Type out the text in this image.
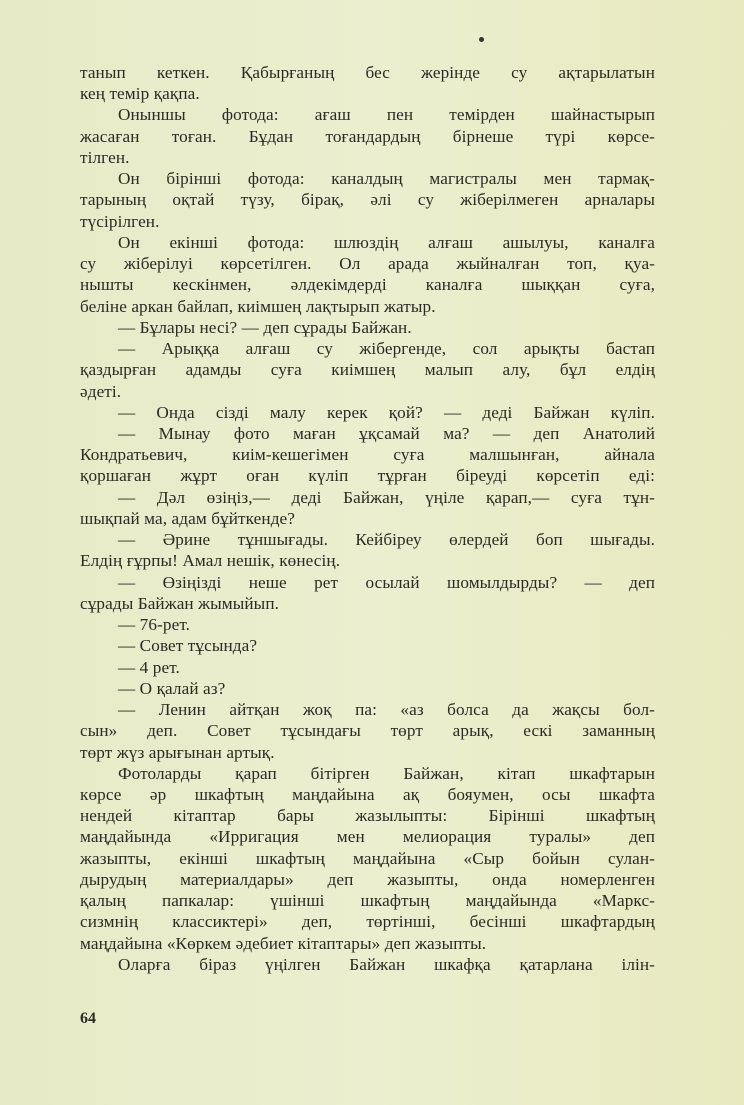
танып кеткен. Қабырғаның бес жерінде су ақтарылатын
кең темір қақпа.
Оныншы фотода: ағаш пен темірден шайнастырып
жасаған тоған. Бұдан тоғандардың бірнеше түрі көрсе-
тілген.
Он бірінші фотода: каналдың магистралы мен тармақ-
тарының оқтай түзу, бірақ, әлі су жіберілмеген арналары
түсірілген.
Он екінші фотода: шлюздің алғаш ашылуы, каналға
су жіберілуі көрсетілген. Ол арада жыйналған топ, қуа-
нышты кескінмен, әлдекімдерді каналға шыққан суға,
беліне аркан байлап, киімшең лақтырып жатыр.
— Бұлары несі? — деп сұрады Байжан.
— Арыққа алғаш су жібергенде, сол арықты бастап
қаздырған адамды суға киімшең малып алу, бұл елдің
әдеті.
— Онда сізді малу керек қой? — деді Байжан күліп.
— Мынау фото маған ұқсамай ма? — деп Анатолий
Кондратьевич, киім-кешегімен суға малшынған, айнала
қоршаған жұрт оған күліп тұрған біреуді көрсетіп еді:
— Дәл өзіңіз,— деді Байжан, үңіле қарап,— суға тұн-
шықпай ма, адам бұйткенде?
— Әрине тұншығады. Кейбіреу өлердей боп шығады.
Елдің ғұрпы! Амал нешік, көнесің.
— Өзіңізді неше рет осылай шомылдырды? — деп
сұрады Байжан жымыйып.
— 76-рет.
— Совет тұсында?
— 4 рет.
— О қалай аз?
— Ленин айтқан жоқ па: «аз болса да жақсы бол-
сын» деп. Совет тұсындағы төрт арық, ескі заманның
төрт жүз арығынан артық.
Фотоларды қарап бітірген Байжан, кітап шкафтарын
көрсе әр шкафтың маңдайына ақ бояумен, осы шкафта
нендей кітаптар бары жазылыпты: Бірінші шкафтың
маңдайында «Ирригация мен мелиорация туралы» деп
жазыпты, екінші шкафтың маңдайына «Сыр бойын сулан-
дырудың материалдары» деп жазыпты, онда номерленген
қалың папкалар: үшінші шкафтың маңдайында «Маркс-
сизмнің классиктері» деп, төртінші, бесінші шкафтардың
маңдайына «Көркем әдебиет кітаптары» деп жазыпты.
Оларға біраз үңілген Байжан шкафқа қатарлана ілін-
64
